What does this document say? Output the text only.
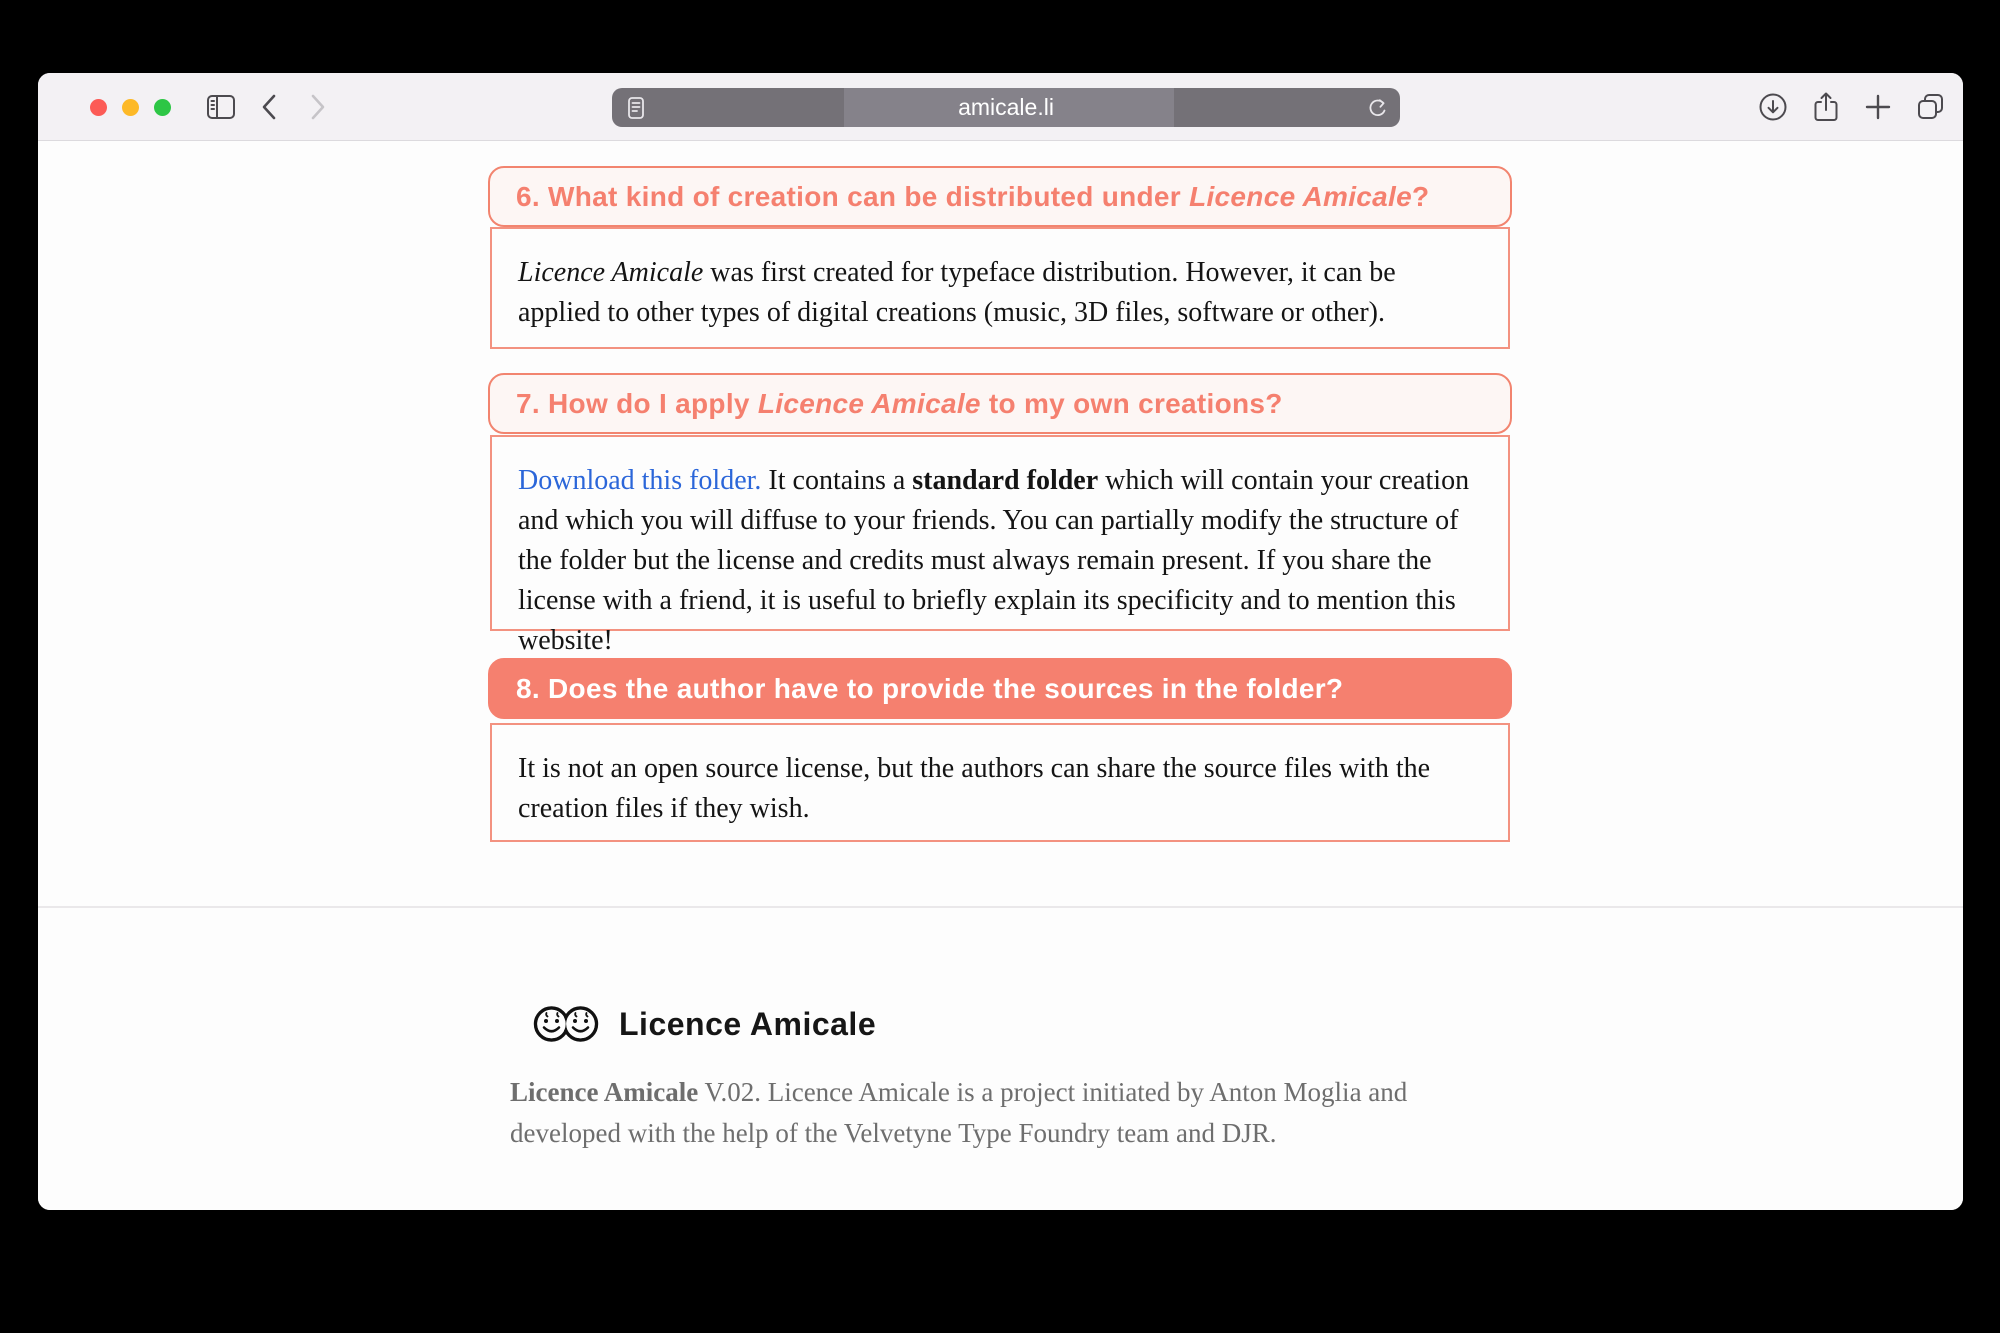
amicale.li
Licence Amicale was first created for typeface distribution. However, it can be applied to other types of digital creations (music, 3D files, software or other).
6. What kind of creation can be distributed under Licence Amicale?
Download this folder. It contains a standard folder which will contain your creation and which you will diffuse to your friends. You can partially modify the structure of the folder but the license and credits must always remain present. If you share the license with a friend, it is useful to briefly explain its specificity and to mention this website!
7. How do I apply Licence Amicale to my own creations?
It is not an open source license, but the authors can share the source files with the creation files if they wish.
8. Does the author have to provide the sources in the folder?
Licence Amicale

Licence Amicale V.02. Licence Amicale is a project initiated by Anton Moglia and developed with the help of the Velvetyne Type Foundry team and DJR.
